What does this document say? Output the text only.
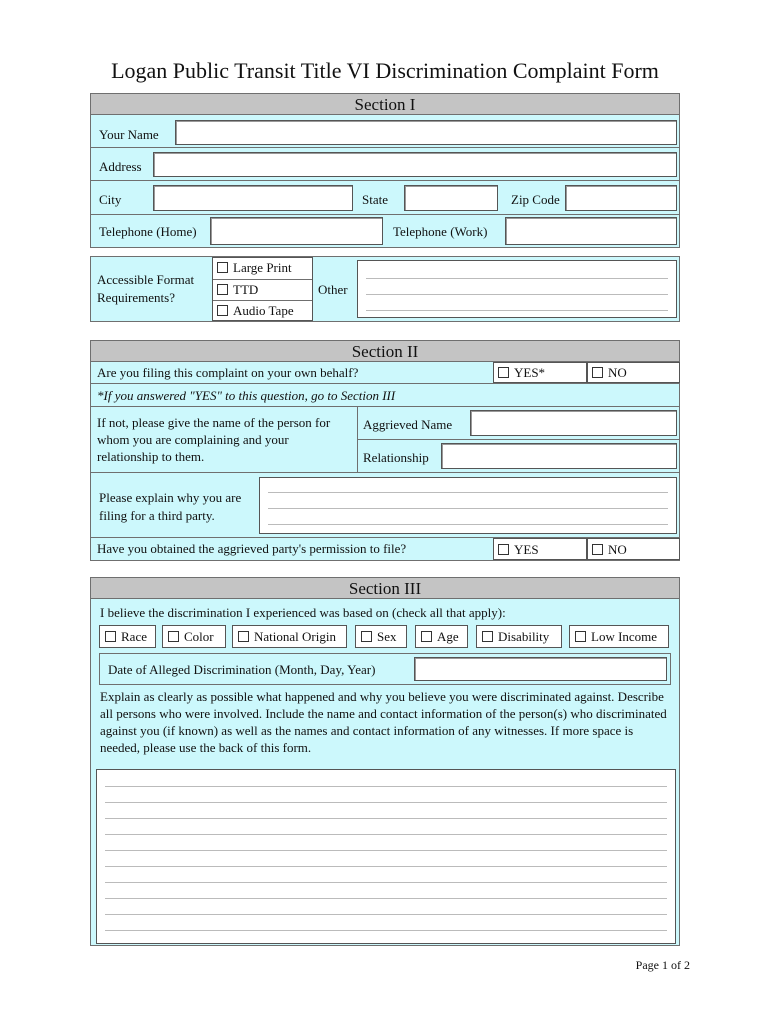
Logan Public Transit Title VI Discrimination Complaint Form
Section I
Your Name
Address
City	State	Zip Code
Telephone (Home)	Telephone (Work)
Accessible Format Requirements?
Large Print
TTD
Audio Tape
Other
Section II
Are you filing this complaint on your own behalf?	YES*	NO
*If you answered "YES" to this question, go to Section III
If not, please give the name of the person for whom you are complaining and your relationship to them.
Aggrieved Name
Relationship
Please explain why you are filing for a third party.
Have you obtained the aggrieved party's permission to file?	YES	NO
Section III
I believe the discrimination I experienced was based on (check all that apply):
Race	Color	National Origin	Sex	Age	Disability	Low Income
Date of Alleged Discrimination (Month, Day, Year)
Explain as clearly as possible what happened and why you believe you were discriminated against. Describe all persons who were involved. Include the name and contact information of the person(s) who discriminated against you (if known) as well as the names and contact information of any witnesses. If more space is needed, please use the back of this form.
Page 1 of 2
